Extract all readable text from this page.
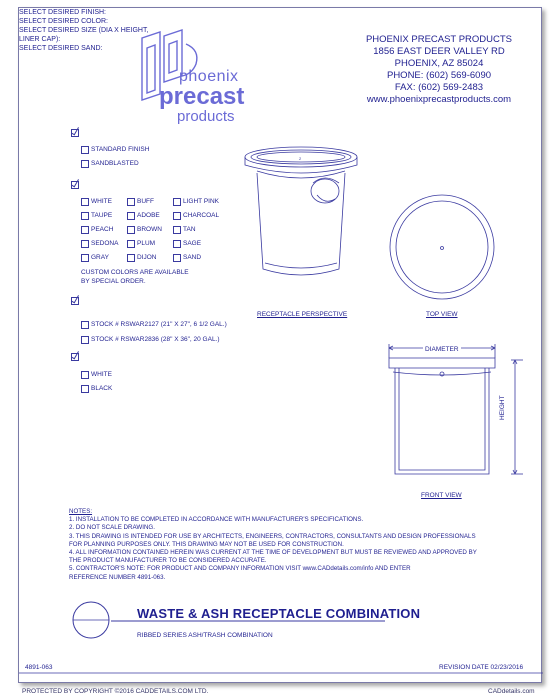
phoenix
precast
products
PHOENIX PRECAST PRODUCTS
1856 EAST DEER VALLEY RD
PHOENIX, AZ 85024
PHONE: (602) 569-6090
FAX: (602) 569-2483
www.phoenixprecastproducts.com
SELECT DESIRED FINISH:
STANDARD FINISH
SANDBLASTED
SELECT DESIRED COLOR:
WHITE
TAUPE
PEACH
SEDONA
GRAY
BUFF
ADOBE
BROWN
PLUM
DIJON
LIGHT PINK
CHARCOAL
TAN
SAGE
SAND
CUSTOM COLORS ARE AVAILABLE
BY SPECIAL ORDER.
SELECT DESIRED SIZE (DIA X HEIGHT,
LINER CAP):
STOCK # RSWAR2127 (21" X 27", 6 1/2 GAL.)
STOCK # RSWAR2836 (28" X 36", 20 GAL.)
SELECT DESIRED SAND:
WHITE
BLACK
2
RECEPTACLE PERSPECTIVE	TOP VIEW
DIAMETER
HEIGHT
FRONT VIEW
NOTES:
1. INSTALLATION TO BE COMPLETED IN ACCORDANCE WITH MANUFACTURER'S SPECIFICATIONS.
2. DO NOT SCALE DRAWING.
3. THIS DRAWING IS INTENDED FOR USE BY ARCHITECTS, ENGINEERS, CONTRACTORS, CONSULTANTS AND DESIGN PROFESSIONALS
FOR PLANNING PURPOSES ONLY. THIS DRAWING MAY NOT BE USED FOR CONSTRUCTION.
4. ALL INFORMATION CONTAINED HEREIN WAS CURRENT AT THE TIME OF DEVELOPMENT BUT MUST BE REVIEWED AND APPROVED BY
THE PRODUCT MANUFACTURER TO BE CONSIDERED ACCURATE.
5. CONTRACTOR'S NOTE: FOR PRODUCT AND COMPANY INFORMATION VISIT www.CADdetails.com/info AND ENTER
REFERENCE NUMBER 4891-063.
WASTE & ASH RECEPTACLE COMBINATION
RIBBED SERIES ASH/TRASH COMBINATION
4891-063	REVISION DATE 02/23/2016
PROTECTED BY COPYRIGHT ©2016 CADDETAILS.COM LTD.	CADdetails.com
